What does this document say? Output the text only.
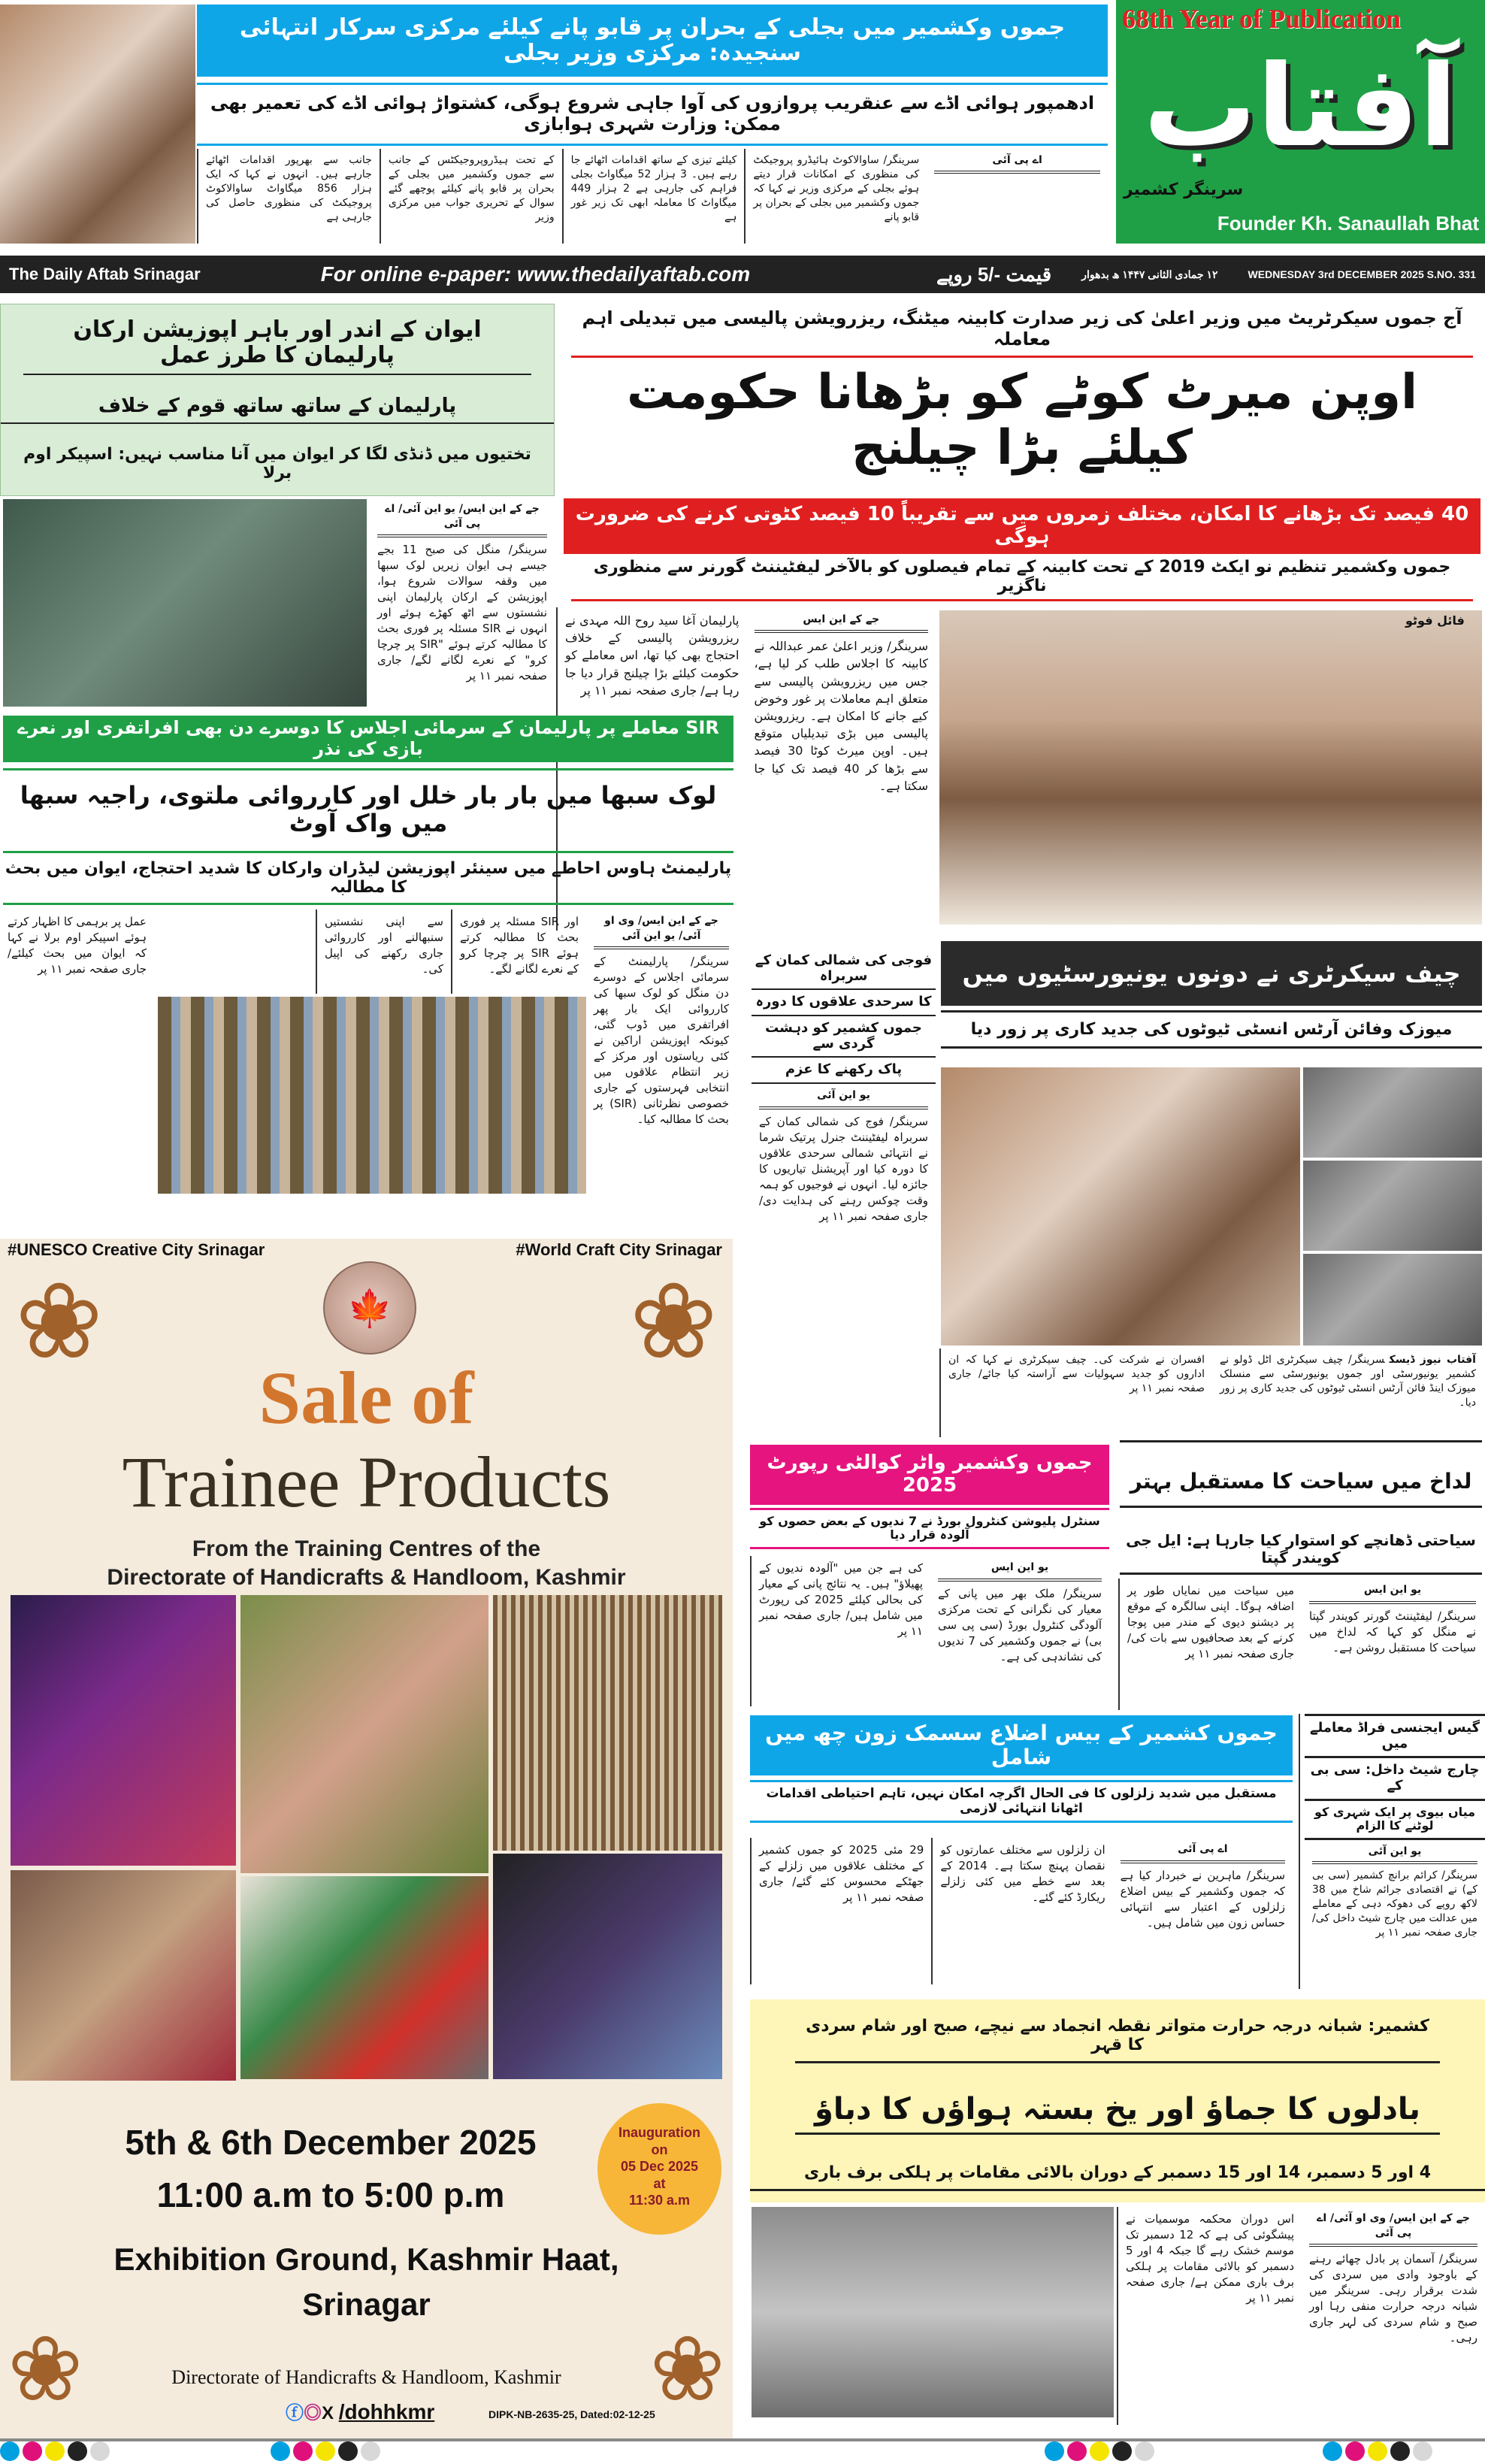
جموں وکشمیر میں بجلی کے بحران پر قابو پانے کیلئے مرکزی سرکار انتہائی سنجیدہ: مرکزی وزیر بجلی
ادھمپور ہوائی اڈے سے عنقریب پروازوں کی آوا جاہی شروع ہوگی، کشتواڑ ہوائی اڈے کی تعمیر بھی ممکن: وزارت شہری ہوابازی
اے پی آئی
سرینگر/ ساوالاکوٹ ہائیڈرو پروجیکٹ کی منظوری کے امکانات قرار دیتے ہوئے بجلی کے مرکزی وزیر نے کہا کہ جموں وکشمیر میں بجلی کے بحران پر قابو پانے
کیلئے تیزی کے ساتھ اقدامات اٹھائے جا رہے ہیں۔ 3 ہزار 52 میگاواٹ بجلی فراہم کی جارہی ہے 2 ہزار 449 میگاواٹ کا معاملہ ابھی تک زیر غور ہے
کے تحت ہیڈروپروجیکٹس کے جانب سے جموں وکشمیر میں بجلی کے بحران پر قابو پانے کیلئے پوچھے گئے سوال کے تحریری جواب میں مرکزی وزیر
جانب سے بھرپور اقدامات اٹھائے جارہے ہیں۔ انہوں نے کہا کہ ایک ہزار 856 میگاواٹ ساوالاکوٹ پروجیکٹ کی منظوری حاصل کی جارہی ہے
68th Year of Publication
آفتاب
سرینگر کشمیر
Founder Kh. Sanaullah Bhat
The Daily Aftab Srinagar	For online e-paper: www.thedailyaftab.com	قیمت -/5 روپے	۱۲ جمادی الثانی ۱۴۴۷ ھ بدھوار	WEDNESDAY 3rd DECEMBER 2025 S.NO. 331
ایوان کے اندر اور باہر اپوزیشن ارکان پارلیمان کا طرز عمل
پارلیمان کے ساتھ ساتھ قوم کے خلاف
تختیوں میں ڈنڈی لگا کر ایوان میں آنا مناسب نہیں: اسپیکر اوم برلا
جے کے این ایس/ یو این آئی/ اے پی آئی
سرینگر/ منگل کی صبح 11 بجے جیسے ہی ایوان زیریں لوک سبھا میں وقفہ سوالات شروع ہوا، اپوزیشن کے ارکان پارلیمان اپنی نشستوں سے اٹھ کھڑے ہوئے اور انہوں نے SIR مسئلہ پر فوری بحث کا مطالبہ کرتے ہوئے "SIR پر چرچا کرو" کے نعرے لگانے لگے/ جاری صفحہ نمبر ۱۱ پر
آج جموں سیکرٹریٹ میں وزیر اعلیٰ کی زیر صدارت کابینہ میٹنگ، ریزرویشن پالیسی میں تبدیلی اہم معاملہ
اوپن میرٹ کوٹے کو بڑھانا حکومت کیلئے بڑا چیلنج
40 فیصد تک بڑھانے کا امکان، مختلف زمروں میں سے تقریباً 10 فیصد کٹوتی کرنے کی ضرورت ہوگی
جموں وکشمیر تنظیم نو ایکٹ 2019 کے تحت کابینہ کے تمام فیصلوں کو بالآخر لیفٹیننٹ گورنر سے منظوری ناگزیر
جے کے این ایس
سرینگر/ وزیر اعلیٰ عمر عبداللہ نے کابینہ کا اجلاس طلب کر لیا ہے، جس میں ریزرویشن پالیسی سے متعلق اہم معاملات پر غور وخوض کیے جانے کا امکان ہے۔ ریزرویشن پالیسی میں بڑی تبدیلیاں متوقع ہیں۔ اوپن میرٹ کوٹا 30 فیصد سے بڑھا کر 40 فیصد تک کیا جا سکتا ہے۔
پارلیمان آغا سید روح اللہ مہدی نے ریزرویشن پالیسی کے خلاف احتجاج بھی کیا تھا، اس معاملے کو حکومت کیلئے بڑا چیلنج قرار دیا جا رہا ہے/ جاری صفحہ نمبر ۱۱ پر
فائل فوٹو
SIR معاملے پر پارلیمان کے سرمائی اجلاس کا دوسرے دن بھی افراتفری اور نعرے بازی کی نذر
لوک سبھا میں بار بار خلل اور کارروائی ملتوی، راجیہ سبھا میں واک آوٹ
پارلیمنٹ ہاوس احاطے میں سینئر اپوزیشن لیڈران وارکان کا شدید احتجاج، ایوان میں بحث کا مطالبہ
جے کے این ایس/ وی او آئی/ یو این آئی
سرینگر/ پارلیمنٹ کے سرمائی اجلاس کے دوسرے دن منگل کو لوک سبھا کی کارروائی ایک بار پھر افراتفری میں ڈوب گئی، کیونکہ اپوزیشن اراکین نے کئی ریاستوں اور مرکز کے زیر انتظام علاقوں میں انتخابی فہرستوں کے جاری خصوصی نظرثانی (SIR) پر بحث کا مطالبہ کیا۔
اور SIR مسئلہ پر فوری بحث کا مطالبہ کرتے ہوئے SIR پر چرچا کرو کے نعرے لگانے لگے۔
سے اپنی نشستیں سنبھالنے اور کارروائی جاری رکھنے کی اپیل کی۔
عمل پر برہمی کا اظہار کرتے ہوئے اسپیکر اوم برلا نے کہا کہ ایوان میں بحث کیلئے/ جاری صفحہ نمبر ۱۱ پر
فوجی کی شمالی کمان کے سربراہ
کا سرحدی علاقوں کا دورہ
جموں کشمیر کو دہشت گردی سے
پاک رکھنے کا عزم
یو این آئی
سرینگر/ فوج کی شمالی کمان کے سربراہ لیفٹیننٹ جنرل پرتیک شرما نے انتہائی شمالی سرحدی علاقوں کا دورہ کیا اور آپریشنل تیاریوں کا جائزہ لیا۔ انہوں نے فوجیوں کو ہمہ وقت چوکس رہنے کی ہدایت دی/ جاری صفحہ نمبر ۱۱ پر
چیف سیکرٹری نے دونوں یونیورسٹیوں میں
میوزک وفائن آرٹس انسٹی ٹیوٹوں کی جدید کاری پر زور دیا
آفتاب نیوز ڈیسکسرینگر/ چیف سیکرٹری اٹل ڈولو نے کشمیر یونیورسٹی اور جموں یونیورسٹی سے منسلک میوزک اینڈ فائن آرٹس انسٹی ٹیوٹوں کی جدید کاری پر زور دیا۔
افسران نے شرکت کی۔ چیف سیکرٹری نے کہا کہ ان اداروں کو جدید سہولیات سے آراستہ کیا جائے/ جاری صفحہ نمبر ۱۱ پر
#UNESCO Creative City Srinagar	#World Craft City Srinagar
❀	❀
🍁
Sale of
Trainee Products
From the Training Centres of the
Directorate of Handicrafts & Handloom, Kashmir
5th & 6th December 2025
11:00 a.m to 5:00 p.m
Exhibition Ground, Kashmir Haat,
Srinagar
Inauguration
on
05 Dec 2025
at
11:30 a.m
❀	❀
Directorate of Handicrafts & Handloom, Kashmir
ⓕ◎X /dohhkmr	DIPK-NB-2635-25, Dated:02-12-25
جموں وکشمیر واٹر کوالٹی رپورٹ 2025
سنٹرل پلیوشن کنٹرول بورڈ نے 7 ندیوں کے بعض حصوں کو آلودہ قرار دیا
یو این ایس
سرینگر/ ملک بھر میں پانی کے معیار کی نگرانی کے تحت مرکزی آلودگی کنٹرول بورڈ (سی پی سی بی) نے جموں وکشمیر کی 7 ندیوں کی نشاندہی کی ہے۔
کی ہے جن میں "آلودہ ندیوں کے پھیلاؤ" ہیں۔ یہ نتائج پانی کے معیار کی بحالی کیلئے 2025 کی رپورٹ میں شامل ہیں/ جاری صفحہ نمبر ۱۱ پر
لداخ میں سیاحت کا مستقبل بہتر
سیاحتی ڈھانچے کو استوار کیا جارہا ہے: ایل جی کویندر گپتا
یو این ایس
سرینگر/ لیفٹیننٹ گورنر کویندر گپتا نے منگل کو کہا کہ لداخ میں سیاحت کا مستقبل روشن ہے۔
میں سیاحت میں نمایاں طور پر اضافہ ہوگا۔ اپنی سالگرہ کے موقع پر دیشنو دیوی کے مندر میں پوجا کرنے کے بعد صحافیوں سے بات کی/ جاری صفحہ نمبر ۱۱ پر
جموں کشمیر کے بیس اضلاع سسمک زون چھ میں شامل
مستقبل میں شدید زلزلوں کا فی الحال اگرچہ امکان نہیں، تاہم احتیاطی اقدامات اٹھانا انتہائی لازمی
اے پی آئی
سرینگر/ ماہرین نے خبردار کیا ہے کہ جموں وکشمیر کے بیس اضلاع زلزلوں کے اعتبار سے انتہائی حساس زون میں شامل ہیں۔
ان زلزلوں سے مختلف عمارتوں کو نقصان پہنچ سکتا ہے۔ 2014 کے بعد سے خطے میں کئی زلزلے ریکارڈ کئے گئے۔
29 مئی 2025 کو جموں کشمیر کے مختلف علاقوں میں زلزلے کے جھٹکے محسوس کئے گئے/ جاری صفحہ نمبر ۱۱ پر
گیس ایجنسی فراڈ معاملے میں
چارج شیٹ داخل: سی بی کے
میاں بیوی پر ایک شہری کو لوٹنے کا الزام
یو این آئی
سرینگر/ کرائم برانچ کشمیر (سی بی کے) نے اقتصادی جرائم شاخ میں 38 لاکھ روپے کی دھوکہ دہی کے معاملے میں عدالت میں چارج شیٹ داخل کی/ جاری صفحہ نمبر ۱۱ پر
کشمیر: شبانہ درجہ حرارت متواتر نقطہ انجماد سے نیچے، صبح اور شام سردی کا قہر
بادلوں کا جماؤ اور یخ بستہ ہواؤں کا دباؤ
4 اور 5 دسمبر، 14 اور 15 دسمبر کے دوران بالائی مقامات پر ہلکی برف باری
جے کے این ایس/ وی او آئی/ اے پی آئی
سرینگر/ آسمان پر بادل چھائے رہنے کے باوجود وادی میں سردی کی شدت برقرار رہی۔ سرینگر میں شبانہ درجہ حرارت منفی رہا اور صبح و شام سردی کی لہر جاری رہی۔
اس دوران محکمہ موسمیات نے پیشگوئی کی ہے کہ 12 دسمبر تک موسم خشک رہے گا جبکہ 4 اور 5 دسمبر کو بالائی مقامات پر ہلکی برف باری ممکن ہے/ جاری صفحہ نمبر ۱۱ پر
